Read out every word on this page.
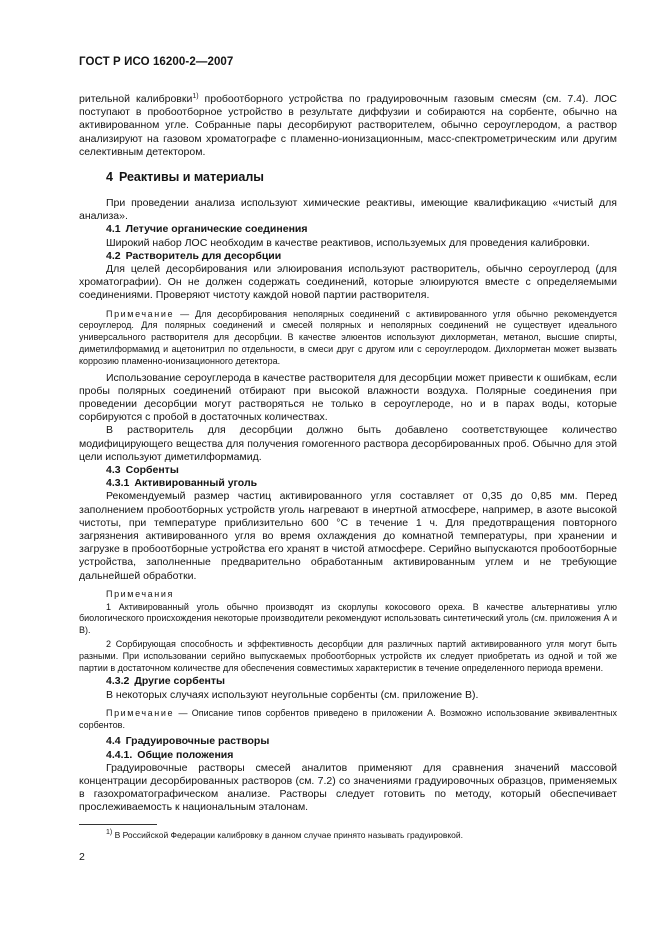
ГОСТ Р ИСО 16200-2—2007

рительной калибровки$^{1)}$ пробоотборного устройства по градуировочным газовым смесям (см. 7.4). ЛОС поступают в пробоотборное устройство в результате диффузии и собираются на сорбенте, обычно на активированном угле. Собранные пары десорбируют растворителем, обычно сероуглеродом, а раствор анализируют на газовом хроматографе с пламенно-ионизационным, масс-спектрометрическим или другим селективным детектором.

4 Реактивы и материалы

При проведении анализа используют химические реактивы, имеющие квалификацию «чистый для анализа».

4.1 Летучие органические соединения

Широкий набор ЛОС необходим в качестве реактивов, используемых для проведения калибровки.

4.2 Растворитель для десорбции

Для целей десорбирования или элюирования используют растворитель, обычно сероуглерод (для хроматографии). Он не должен содержать соединений, которые элюируются вместе с определяемыми соединениями. Проверяют чистоту каждой новой партии растворителя.

Примечание — Для десорбирования неполярных соединений с активированного угля обычно рекомендуется сероуглерод. Для полярных соединений и смесей полярных и неполярных соединений не существует идеального универсального растворителя для десорбции. В качестве элюентов используют дихлорметан, метанол, высшие спирты, диметилформамид и ацетонитрил по отдельности, в смеси друг с другом или с сероуглеродом. Дихлорметан может вызвать коррозию пламенно-ионизационного детектора.

Использование сероуглерода в качестве растворителя для десорбции может привести к ошибкам, если пробы полярных соединений отбирают при высокой влажности воздуха. Полярные соединения при проведении десорбции могут растворяться не только в сероуглероде, но и в парах воды, которые сорбируются с пробой в достаточных количествах.

В растворитель для десорбции должно быть добавлено соответствующее количество модифицирующего вещества для получения гомогенного раствора десорбированных проб. Обычно для этой цели используют диметилформамид.

4.3 Сорбенты
4.3.1 Активированный уголь

Рекомендуемый размер частиц активированного угля составляет от 0,35 до 0,85 мм. Перед заполнением пробоотборных устройств уголь нагревают в инертной атмосфере, например, в азоте высокой чистоты, при температуре приблизительно 600 °С в течение 1 ч. Для предотвращения повторного загрязнения активированного угля во время охлаждения до комнатной температуры, при хранении и загрузке в пробоотборные устройства его хранят в чистой атмосфере. Серийно выпускаются пробоотборные устройства, заполненные предварительно обработанным активированным углем и не требующие дальнейшей обработки.

Примечания

1 Активированный уголь обычно производят из скорлупы кокосового ореха. В качестве альтернативы углю биологического происхождения некоторые производители рекомендуют использовать синтетический уголь (см. приложения А и В).

2 Сорбирующая способность и эффективность десорбции для различных партий активированного угля могут быть разными. При использовании серийно выпускаемых пробоотборных устройств их следует приобретать из одной и той же партии в достаточном количестве для обеспечения совместимых характеристик в течение определенного периода времени.

4.3.2 Другие сорбенты

В некоторых случаях используют неугольные сорбенты (см. приложение В).

Примечание — Описание типов сорбентов приведено в приложении А. Возможно использование эквивалентных сорбентов.

4.4 Градуировочные растворы
4.4.1. Общие положения

Градуировочные растворы смесей аналитов применяют для сравнения значений массовой концентрации десорбированных растворов (см. 7.2) со значениями градуировочных образцов, применяемых в газохроматографическом анализе. Растворы следует готовить по методу, который обеспечивает прослеживаемость к национальным эталонам.

$^{1)}$ В Российской Федерации калибровку в данном случае принято называть градуировкой.
2
